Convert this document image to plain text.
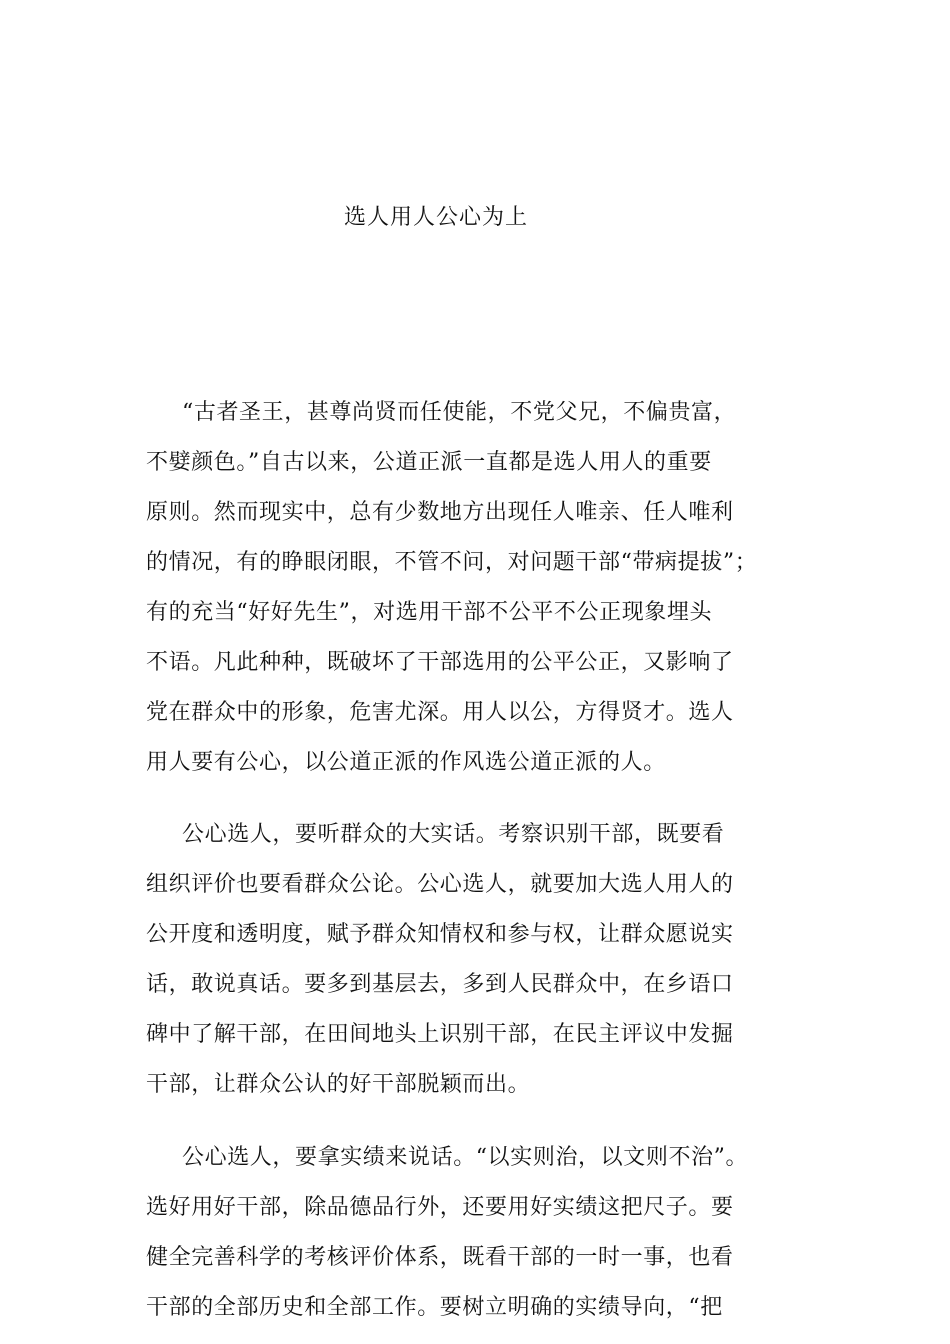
选人用人公心为上
“古者圣王，甚尊尚贤而任使能，不党父兄，不偏贵富，
不嬖颜色。”自古以来，公道正派一直都是选人用人的重要
原则。然而现实中，总有少数地方出现任人唯亲、任人唯利
的情况，有的睁眼闭眼，不管不问，对问题干部“带病提拔”；
有的充当“好好先生”，对选用干部不公平不公正现象埋头
不语。凡此种种，既破坏了干部选用的公平公正，又影响了
党在群众中的形象，危害尤深。用人以公，方得贤才。选人
用人要有公心，以公道正派的作风选公道正派的人。
公心选人，要听群众的大实话。考察识别干部，既要看
组织评价也要看群众公论。公心选人，就要加大选人用人的
公开度和透明度，赋予群众知情权和参与权，让群众愿说实
话，敢说真话。要多到基层去，多到人民群众中，在乡语口
碑中了解干部，在田间地头上识别干部，在民主评议中发掘
干部，让群众公认的好干部脱颖而出。
公心选人，要拿实绩来说话。“以实则治，以文则不治”。
选好用好干部，除品德品行外，还要用好实绩这把尺子。要
健全完善科学的考核评价体系，既看干部的一时一事，也看
干部的全部历史和全部工作。要树立明确的实绩导向，“把
